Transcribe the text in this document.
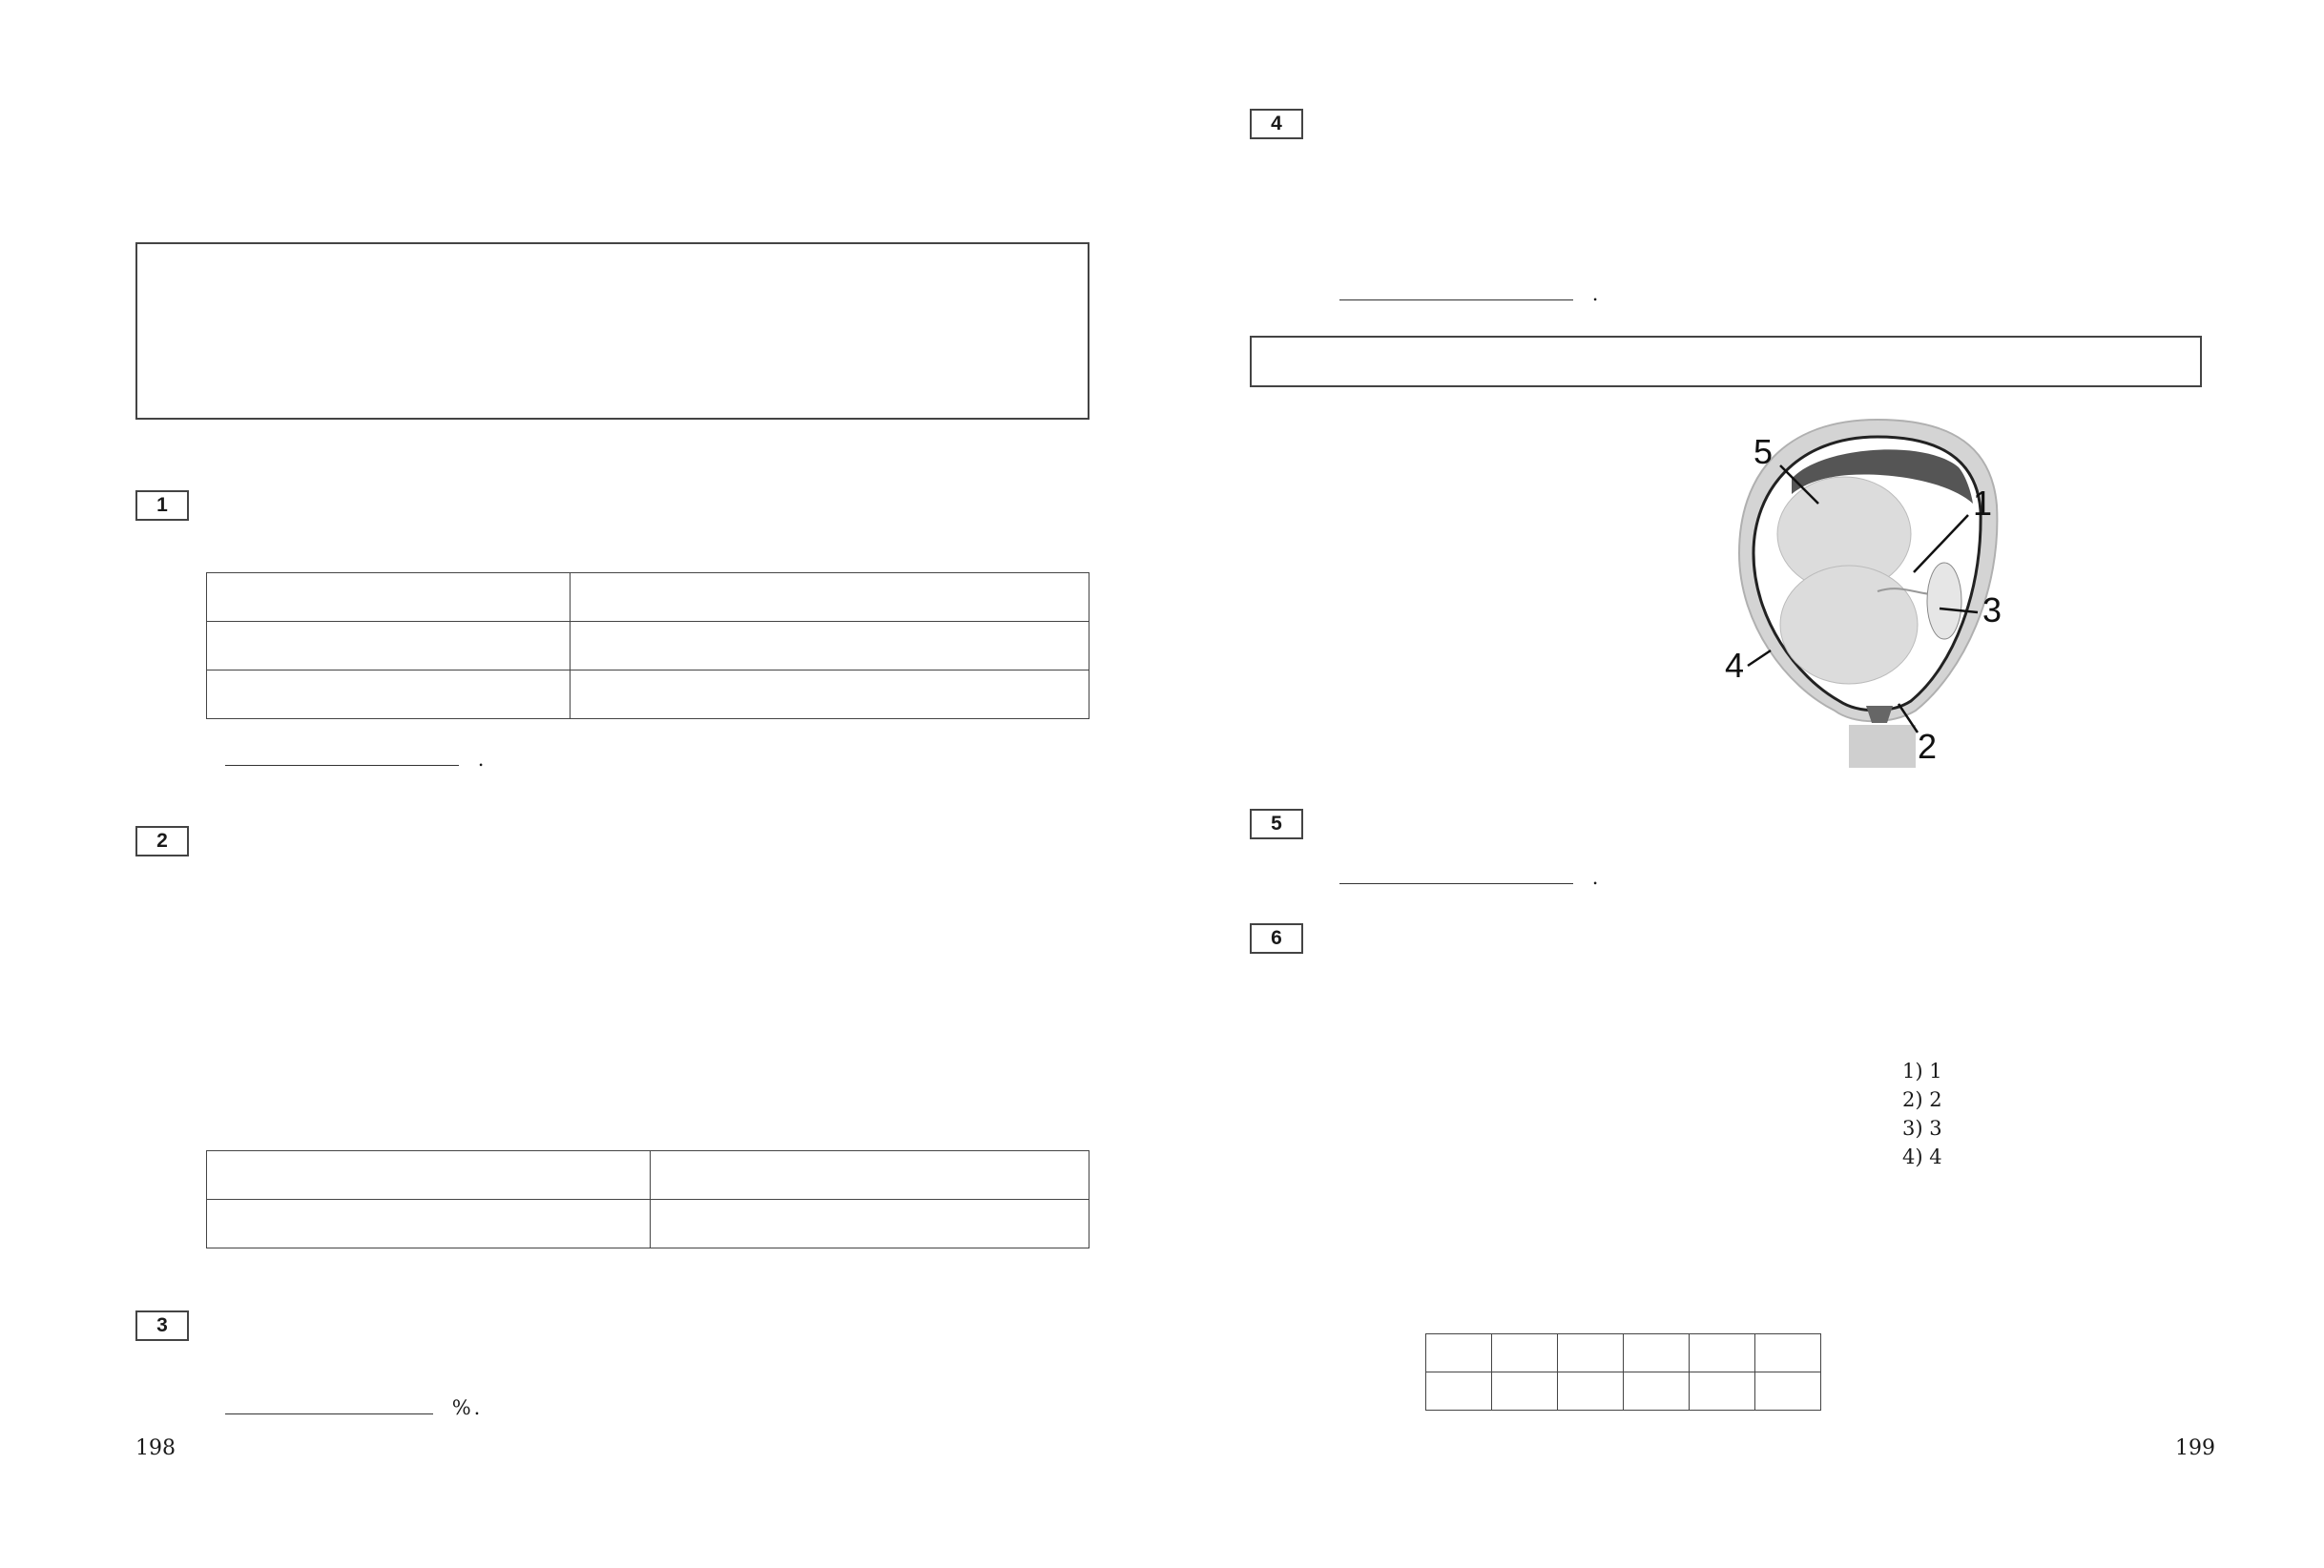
1

.
2

3
%.
198
4
.
1
2
3
4
5
5
.
6
1) 1
2) 2
3) 3
4) 4

199
